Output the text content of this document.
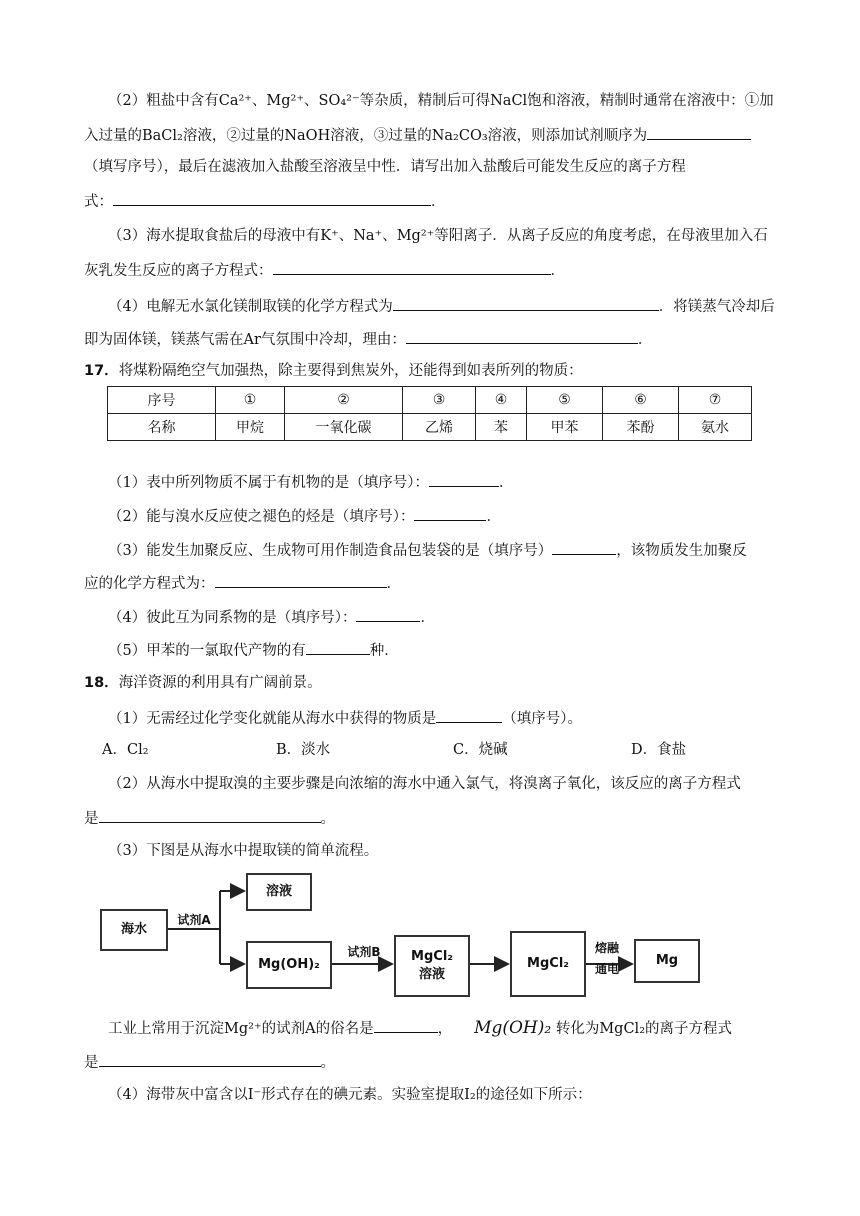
（2）粗盐中含有Ca²⁺、Mg²⁺、SO₄²⁻等杂质，精制后可得NaCl饱和溶液，精制时通常在溶液中：①加
入过量的BaCl₂溶液，②过量的NaOH溶液，③过量的Na₂CO₃溶液，则添加试剂顺序为
（填写序号），最后在滤液加入盐酸至溶液呈中性．请写出加入盐酸后可能发生反应的离子方程
式：	．
（3）海水提取食盐后的母液中有K⁺、Na⁺、Mg²⁺等阳离子．从离子反应的角度考虑，在母液里加入石
灰乳发生反应的离子方程式：	．
（4）电解无水氯化镁制取镁的化学方程式为	．将镁蒸气冷却后
即为固体镁，镁蒸气需在Ar气氛围中冷却，理由：	．
17．将煤粉隔绝空气加强热，除主要得到焦炭外，还能得到如表所列的物质：
序号	①	②	③	④	⑤	⑥	⑦
名称	甲烷	一氧化碳	乙烯	苯	甲苯	苯酚	氨水
（1）表中所列物质不属于有机物的是（填序号）：	．
（2）能与溴水反应使之褪色的烃是（填序号）：	．
（3）能发生加聚反应、生成物可用作制造食品包装袋的是（填序号）	，该物质发生加聚反
应的化学方程式为：	．
（4）彼此互为同系物的是（填序号）：	．
（5）甲苯的一氯取代产物的有	种．
18．海洋资源的利用具有广阔前景。
（1）无需经过化学变化就能从海水中获得的物质是	（填序号）。
A．Cl₂	B．淡水	C．烧碱	D．食盐
（2）从海水中提取溴的主要步骤是向浓缩的海水中通入氯气，将溴离子氧化，该反应的离子方程式
是	。
（3）下图是从海水中提取镁的简单流程。
海水
试剂A
溶液
Mg(OH)₂
试剂B	MgCl₂
溶液
MgCl₂
熔融
通电
Mg
工业上常用于沉淀Mg²⁺的试剂A的俗名是	， Mg(OH)₂ 转化为MgCl₂的离子方程式
是	。
（4）海带灰中富含以I⁻形式存在的碘元素。实验室提取I₂的途径如下所示：
